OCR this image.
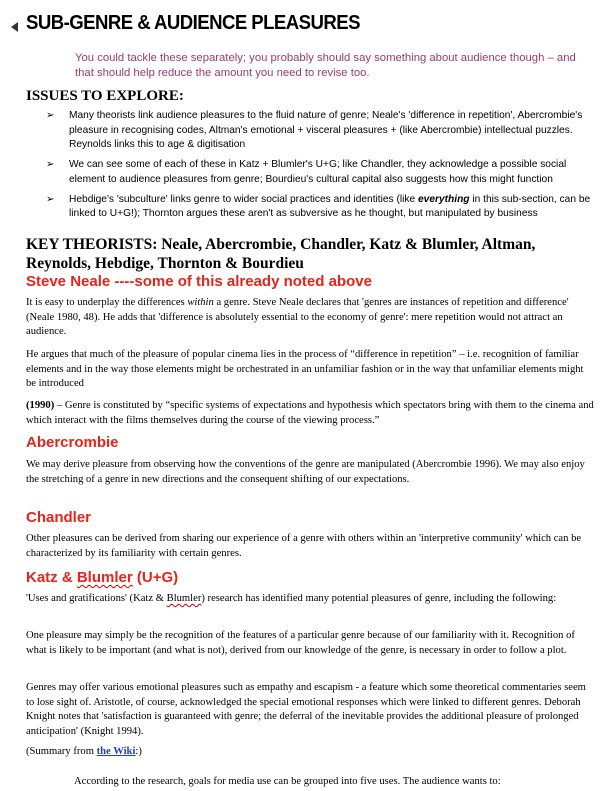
SUB-GENRE & AUDIENCE PLEASURES
You could tackle these separately; you probably should say something about audience though – and that should help reduce the amount you need to revise too.
ISSUES TO EXPLORE:
➢ Many theorists link audience pleasures to the fluid nature of genre; Neale's 'difference in repetition', Abercrombie's pleasure in recognising codes, Altman's emotional + visceral pleasures + (like Abercrombie) intellectual puzzles. Reynolds links this to age & digitisation
➢ We can see some of each of these in Katz + Blumler's U+G; like Chandler, they acknowledge a possible social element to audience pleasures from genre; Bourdieu's cultural capital also suggests how this might function
➢ Hebdige's 'subculture' links genre to wider social practices and identities (like everything in this sub-section, can be linked to U+G!); Thornton argues these aren't as subversive as he thought, but manipulated by business
KEY THEORISTS: Neale, Abercrombie, Chandler, Katz & Blumler, Altman, Reynolds, Hebdige, Thornton & Bourdieu
Steve Neale ----some of this already noted above
It is easy to underplay the differences within a genre. Steve Neale declares that 'genres are instances of repetition and difference' (Neale 1980, 48). He adds that 'difference is absolutely essential to the economy of genre': mere repetition would not attract an audience.
He argues that much of the pleasure of popular cinema lies in the process of “difference in repetition” – i.e. recognition of familiar elements and in the way those elements might be orchestrated in an unfamiliar fashion or in the way that unfamiliar elements might be introduced
(1990) – Genre is constituted by “specific systems of expectations and hypothesis which spectators bring with them to the cinema and which interact with the films themselves during the course of the viewing process.”
Abercrombie
We may derive pleasure from observing how the conventions of the genre are manipulated (Abercrombie 1996). We may also enjoy the stretching of a genre in new directions and the consequent shifting of our expectations.
Chandler
Other pleasures can be derived from sharing our experience of a genre with others within an 'interpretive community' which can be characterized by its familiarity with certain genres.
Katz & Blumler (U+G)
'Uses and gratifications' (Katz & Blumler) research has identified many potential pleasures of genre, including the following:
One pleasure may simply be the recognition of the features of a particular genre because of our familiarity with it. Recognition of what is likely to be important (and what is not), derived from our knowledge of the genre, is necessary in order to follow a plot.
Genres may offer various emotional pleasures such as empathy and escapism - a feature which some theoretical commentaries seem to lose sight of. Aristotle, of course, acknowledged the special emotional responses which were linked to different genres. Deborah Knight notes that 'satisfaction is guaranteed with genre; the deferral of the inevitable provides the additional pleasure of prolonged anticipation' (Knight 1994).
(Summary from the Wiki:)
According to the research, goals for media use can be grouped into five uses. The audience wants to:
